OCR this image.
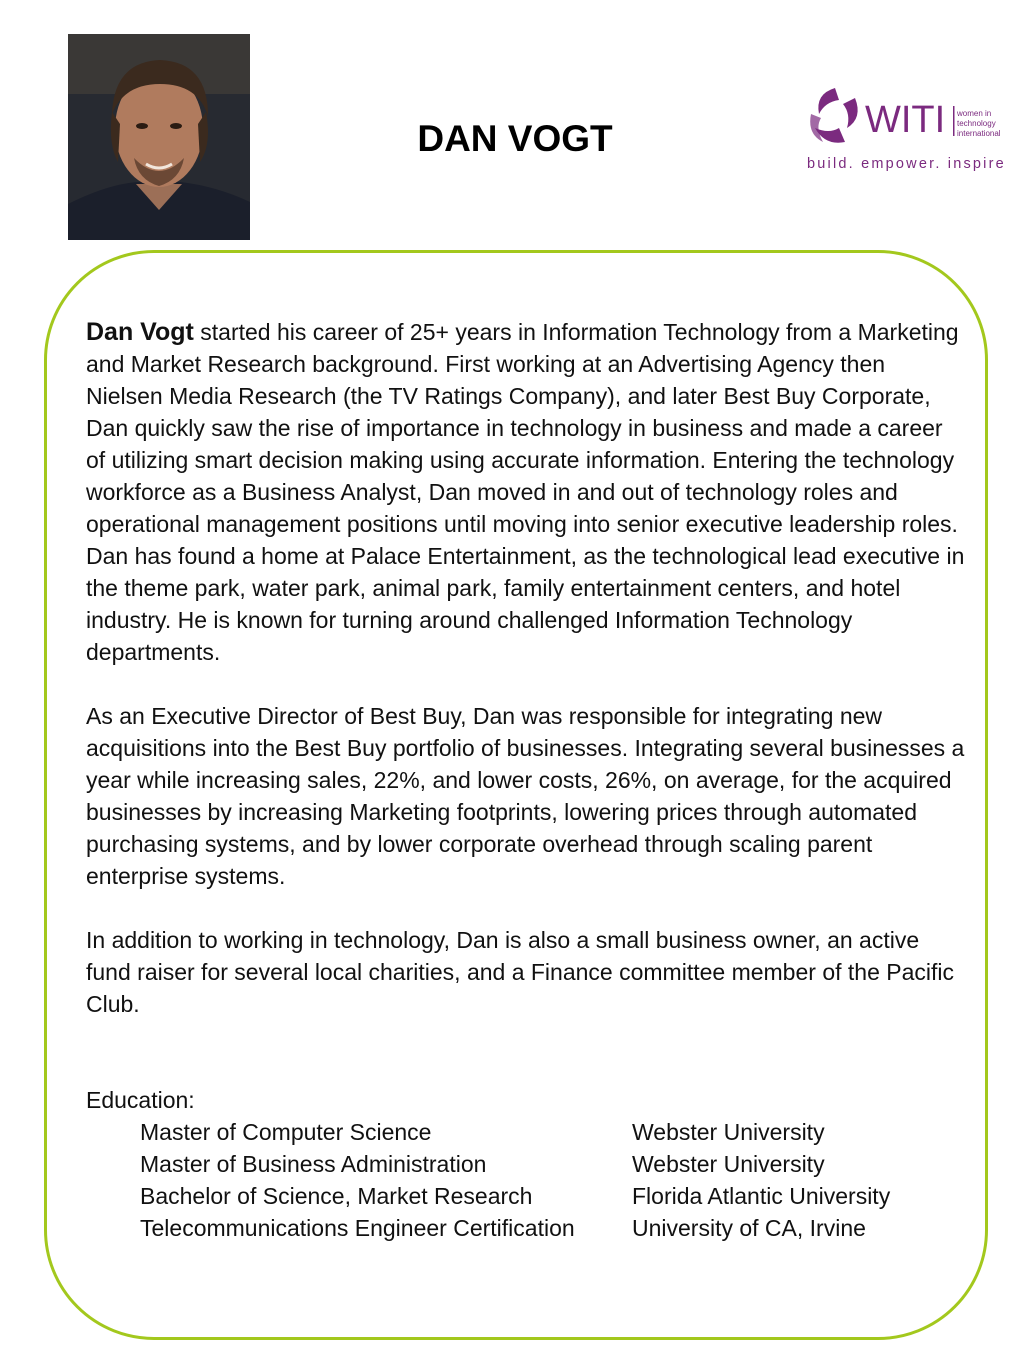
DAN VOGT	WITI women in
technology
international
build. empower. inspire.

Dan Vogt started his career of 25+ years in Information Technology from a Marketing and Market Research background. First working at an Advertising Agency then Nielsen Media Research (the TV Ratings Company), and later Best Buy Corporate, Dan quickly saw the rise of importance in technology in business and made a career of utilizing smart decision making using accurate information. Entering the technology workforce as a Business Analyst, Dan moved in and out of technology roles and operational management positions until moving into senior executive leadership roles. Dan has found a home at Palace Entertainment, as the technological lead executive in the theme park, water park, animal park, family entertainment centers, and hotel industry. He is known for turning around challenged Information Technology departments.

As an Executive Director of Best Buy, Dan was responsible for integrating new acquisitions into the Best Buy portfolio of businesses. Integrating several businesses a year while increasing sales, 22%, and lower costs, 26%, on average, for the acquired businesses by increasing Marketing footprints, lowering prices through automated purchasing systems, and by lower corporate overhead through scaling parent enterprise systems.

In addition to working in technology, Dan is also a small business owner, an active fund raiser for several local charities, and a Finance committee member of the Pacific Club.

Education:
Master of Computer Science	Webster University
Master of Business Administration	Webster University
Bachelor of Science, Market Research	Florida Atlantic University
Telecommunications Engineer Certification	University of CA, Irvine
